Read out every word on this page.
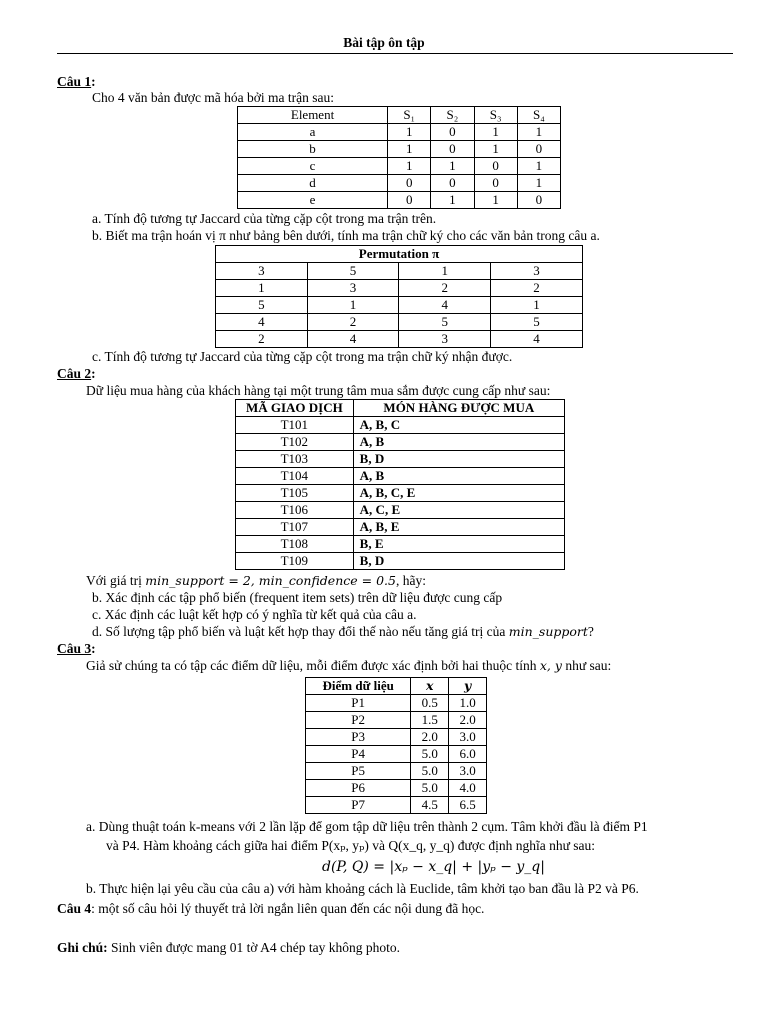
Bài tập ôn tập
Câu 1:
Cho 4 văn bản được mã hóa bởi ma trận sau:
Element	S₁	S₂	S₃	S₄
a	1	0	1	1
b	1	0	1	0
c	1	1	0	1
d	0	0	0	1
e	0	1	1	0
a. Tính độ tương tự Jaccard của từng cặp cột trong ma trận trên.
b. Biết ma trận hoán vị π như bảng bên dưới, tính ma trận chữ ký cho các văn bản trong câu a.
Permutation π			
3	5	1	3
1	3	2	2
5	1	4	1
4	2	5	5
2	4	3	4
c. Tính độ tương tự Jaccard của từng cặp cột trong ma trận chữ ký nhận được.
Câu 2:
Dữ liệu mua hàng của khách hàng tại một trung tâm mua sắm được cung cấp như sau:
MÃ GIAO DỊCH	MÓN HÀNG ĐƯỢC MUA
T101	A, B, C
T102	A, B
T103	B, D
T104	A, B
T105	A, B, C, E
T106	A, C, E
T107	A, B, E
T108	B, E
T109	B, D
Với giá trị min_support = 2, min_confidence = 0.5, hãy:
b. Xác định các tập phổ biến (frequent item sets) trên dữ liệu được cung cấp
c. Xác định các luật kết hợp có ý nghĩa từ kết quả của câu a.
d. Số lượng tập phổ biến và luật kết hợp thay đổi thế nào nếu tăng giá trị của min_support?
Câu 3:
Giả sử chúng ta có tập các điểm dữ liệu, mỗi điểm được xác định bởi hai thuộc tính x, y như sau:
Điểm dữ liệu	x	y
P1	0.5	1.0
P2	1.5	2.0
P3	2.0	3.0
P4	5.0	6.0
P5	5.0	3.0
P6	5.0	4.0
P7	4.5	6.5
a. Dùng thuật toán k-means với 2 lần lặp để gom tập dữ liệu trên thành 2 cụm. Tâm khởi đầu là điểm P1
và P4. Hàm khoảng cách giữa hai điểm P(xₚ, yₚ) và Q(x_q, y_q) được định nghĩa như sau:
d(P, Q) = |xₚ − x_q| + |yₚ − y_q|
b. Thực hiện lại yêu cầu của câu a) với hàm khoảng cách là Euclide, tâm khởi tạo ban đầu là P2 và P6.
Câu 4: một số câu hỏi lý thuyết trả lời ngắn liên quan đến các nội dung đã học.
Ghi chú: Sinh viên được mang 01 tờ A4 chép tay không photo.
